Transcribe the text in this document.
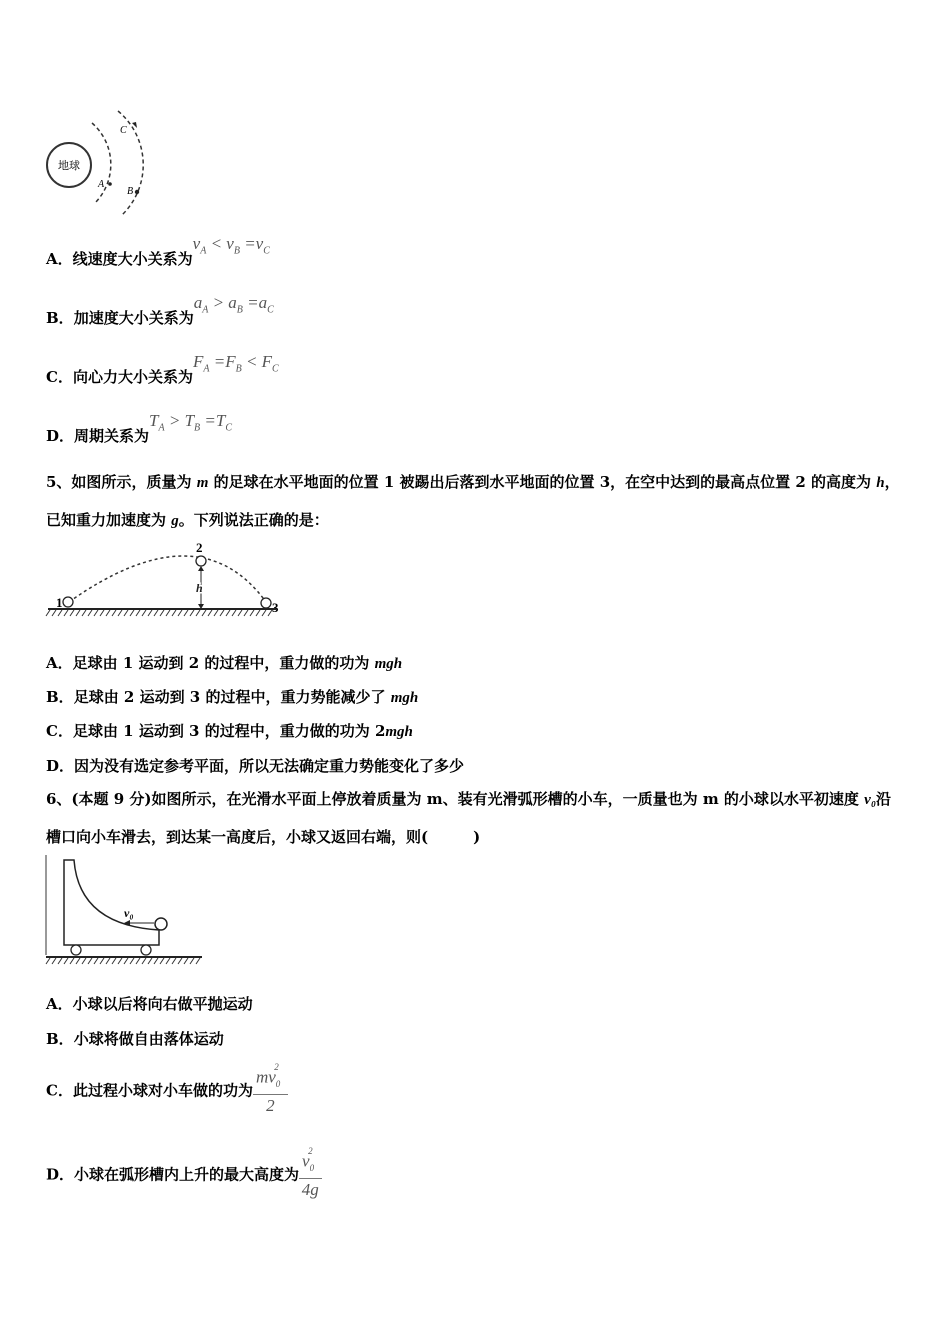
地球
A
B
C
A．线速度大小关系为$v_A < v_B =v_C$
B．加速度大小关系为$a_A > a_B =a_C$
C．向心力大小关系为$F_A =F_B < F_C$
D．周期关系为$T_A > T_B =T_C$
5、如图所示，质量为 m 的足球在水平地面的位置 1 被踢出后落到水平地面的位置 3，在空中达到的最高点位置 2 的高度为 h，已知重力加速度为 g。下列说法正确的是：
1
2
3
h
A．足球由 1 运动到 2 的过程中，重力做的功为 mgh
B．足球由 2 运动到 3 的过程中，重力势能减少了 mgh
C．足球由 1 运动到 3 的过程中，重力做的功为 2mgh
D．因为没有选定参考平面，所以无法确定重力势能变化了多少
6、(本题 9 分)如图所示，在光滑水平面上停放着质量为 m、装有光滑弧形槽的小车，一质量也为 m 的小球以水平初速度 v₀沿槽口向小车滑去，到达某一高度后，小球又返回右端，则(　　　)
v₀
A．小球以后将向右做平抛运动
B．小球将做自由落体运动
C．此过程小球对小车做的功为 $\frac{mv_0^2}{2}$
D．小球在弧形槽内上升的最大高度为 $\frac{v_0^2}{4g}$
